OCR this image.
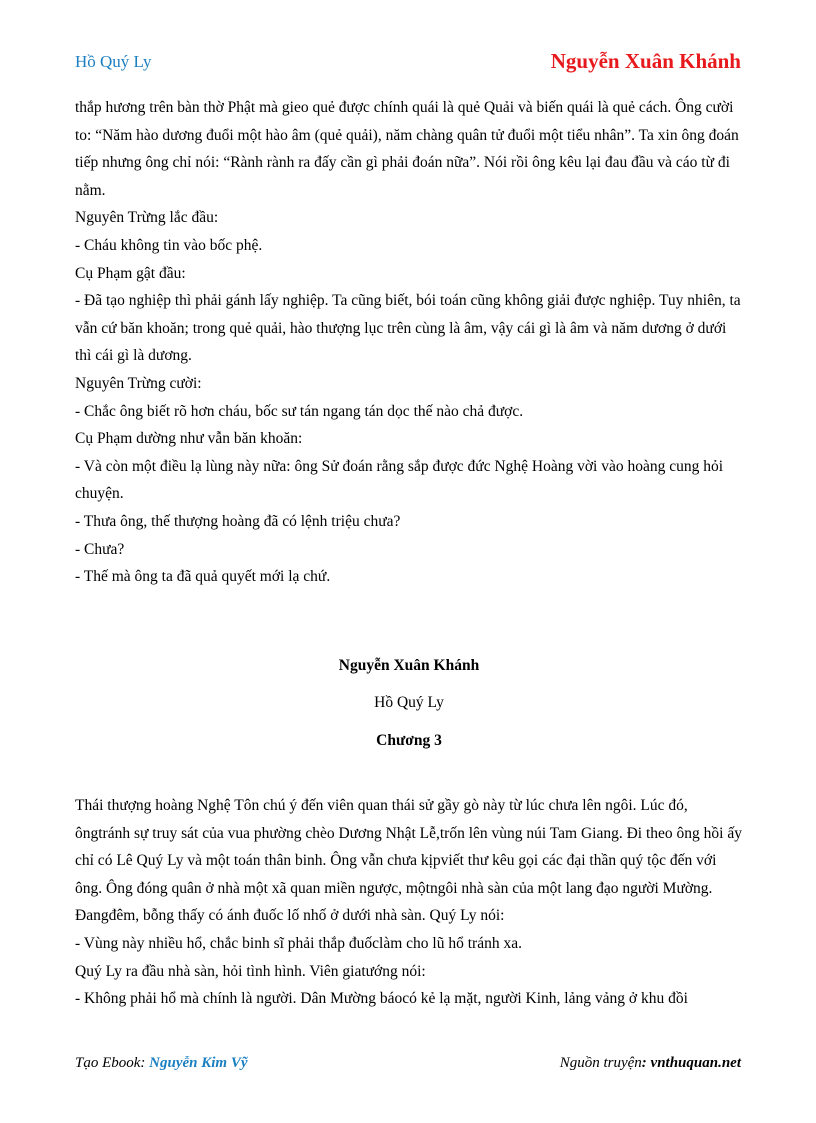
Hồ Quý Ly	Nguyễn Xuân Khánh

thắp hương trên bàn thờ Phật mà gieo quẻ được chính quái là quẻ Quải và biến quái là quẻ cách. Ông cười to: “Năm hào dương đuổi một hào âm (quẻ quải), năm chàng quân tử đuổi một tiểu nhân”. Ta xin ông đoán tiếp nhưng ông chỉ nói: “Rành rành ra đấy cần gì phải đoán nữa”. Nói rồi ông kêu lại đau đầu và cáo từ đi nằm.

Nguyên Trừng lắc đầu:

- Cháu không tin vào bốc phệ.

Cụ Phạm gật đầu:

- Đã tạo nghiệp thì phải gánh lấy nghiệp. Ta cũng biết, bói toán cũng không giải được nghiệp. Tuy nhiên, ta vẫn cứ băn khoăn; trong quẻ quải, hào thượng lục trên cùng là âm, vậy cái gì là âm và năm dương ở dưới thì cái gì là dương.

Nguyên Trừng cười:

- Chắc ông biết rõ hơn cháu, bốc sư tán ngang tán dọc thế nào chả được.

Cụ Phạm dường như vẫn băn khoăn:

- Và còn một điều lạ lùng này nữa: ông Sử đoán rằng sắp được đức Nghệ Hoàng vời vào hoàng cung hỏi chuyện.

- Thưa ông, thế thượng hoàng đã có lệnh triệu chưa?

- Chưa?

- Thế mà ông ta đã quả quyết mới lạ chứ.

Nguyễn Xuân Khánh
Hồ Quý Ly
Chương 3

Thái thượng hoàng Nghệ Tôn chú ý đến viên quan thái sử gầy gò này từ lúc chưa lên ngôi. Lúc đó, ôngtránh sự truy sát của vua phường chèo Dương Nhật Lễ,trốn lên vùng núi Tam Giang. Đi theo ông hồi ấy chỉ có Lê Quý Ly và một toán thân binh. Ông vẫn chưa kịpviết thư kêu gọi các đại thần quý tộc đến với ông. Ông đóng quân ở nhà một xã quan miền ngược, mộtngôi nhà sàn của một lang đạo người Mường. Đangđêm, bỗng thấy có ánh đuốc lố nhố ở dưới nhà sàn. Quý Ly nói:

- Vùng này nhiều hổ, chắc binh sĩ phải thắp đuốclàm cho lũ hổ tránh xa.

Quý Ly ra đầu nhà sàn, hỏi tình hình. Viên giatướng nói:

- Không phải hổ mà chính là người. Dân Mường báocó kẻ lạ mặt, người Kinh, lảng vảng ở khu đồi

Tạo Ebook: Nguyễn Kim Vỹ	Nguồn truyện: vnthuquan.net
